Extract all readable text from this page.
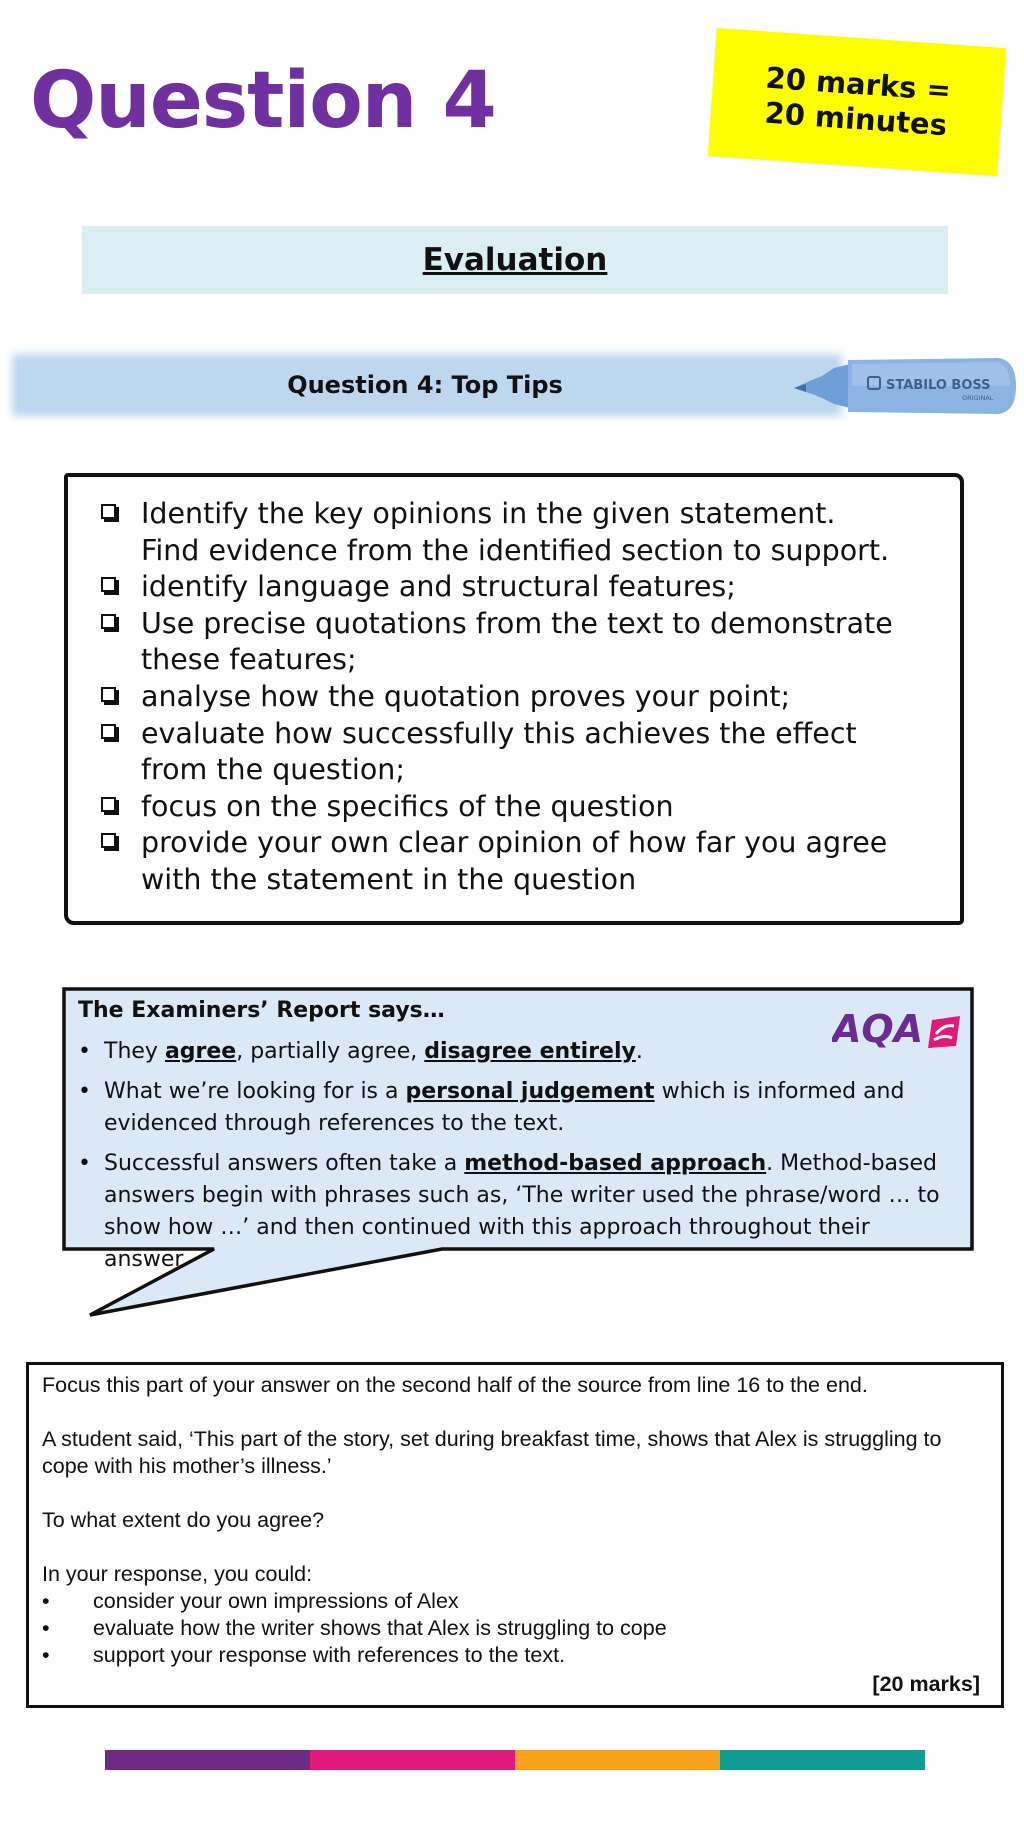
Question 4	20 marks =
20 minutes
Evaluation
Question 4: Top Tips	STABILO BOSS
ORIGINAL
Identify the key opinions in the given statement. Find evidence from the identified section to support.
identify language and structural features;
Use precise quotations from the text to demonstrate these features;
analyse how the quotation proves your point;
evaluate how successfully this achieves the effect from the question;
focus on the specifics of the question
provide your own clear opinion of how far you agree with the statement in the question
The Examiners’ Report says…
• They agree, partially agree, disagree entirely.
• What we’re looking for is a personal judgement which is informed and evidenced through references to the text.
• Successful answers often take a method-based approach. Method-based answers begin with phrases such as, ‘The writer used the phrase/word … to show how …’ and then continued with this approach throughout their answer.
AQA

Focus this part of your answer on the second half of the source from line 16 to the end.

A student said, ‘This part of the story, set during breakfast time, shows that Alex is struggling to cope with his mother’s illness.’

To what extent do you agree?

In your response, you could:

• consider your own impressions of Alex
• evaluate how the writer shows that Alex is struggling to cope
• support your response with references to the text.
[20 marks]
